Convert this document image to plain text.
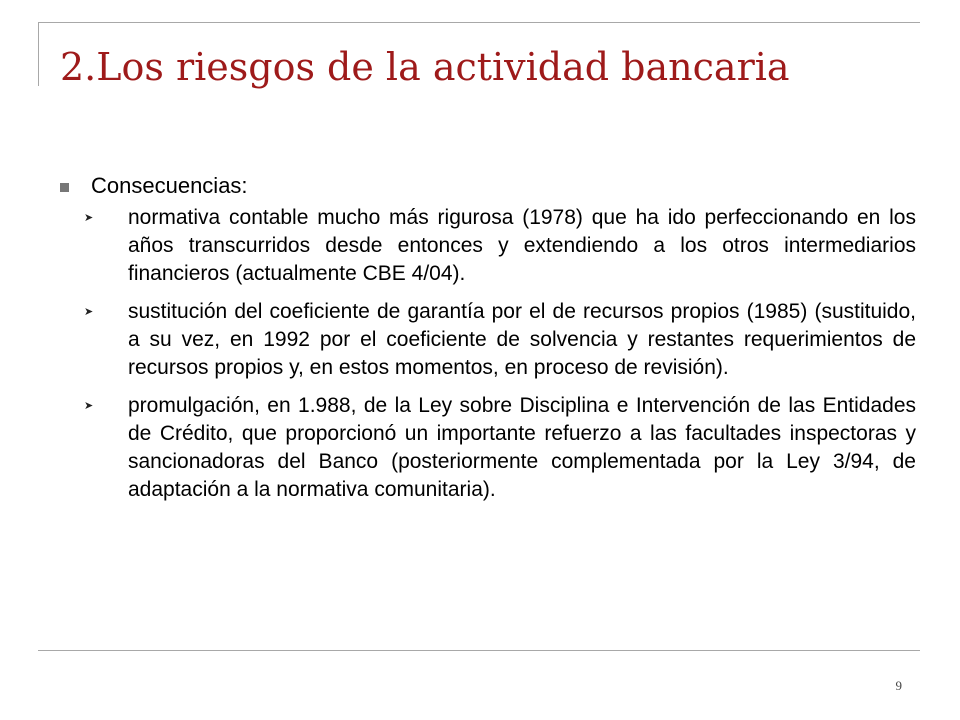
2.Los riesgos de la actividad bancaria
Consecuencias:
➤	normativa contable mucho más rigurosa (1978) que ha ido perfeccionando en los años transcurridos desde entonces y extendiendo a los otros intermediarios financieros (actualmente CBE 4/04).
➤	sustitución del coeficiente de garantía por el de recursos propios (1985) (sustituido, a su vez, en 1992 por el coeficiente de solvencia y restantes requerimientos de recursos propios y, en estos momentos, en proceso de revisión).
➤	promulgación, en 1.988, de la Ley sobre Disciplina e Intervención de las Entidades de Crédito, que proporcionó un importante refuerzo a las facultades inspectoras y sancionadoras del Banco (posteriormente complementada por la Ley 3/94, de adaptación a la normativa comunitaria).
9
